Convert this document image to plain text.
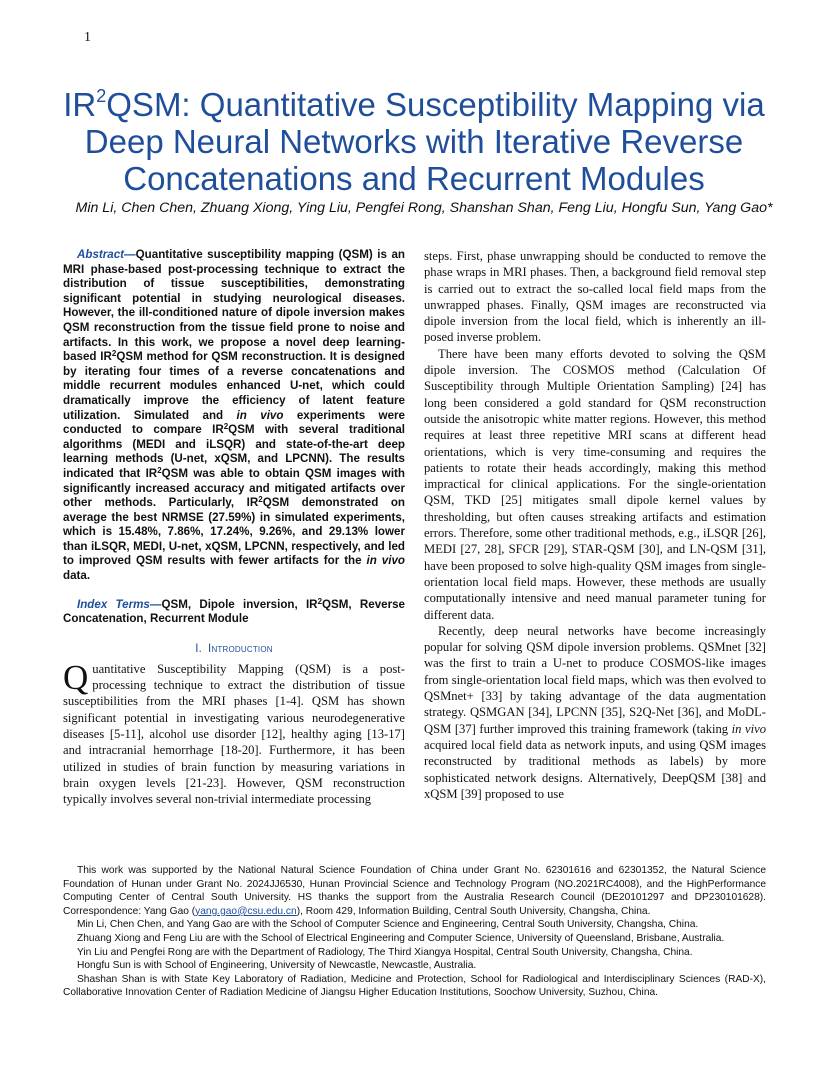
1
$IR^2QSM$: Quantitative Susceptibility Mapping via Deep Neural Networks with Iterative Reverse Concatenations and Recurrent Modules
Min Li, Chen Chen, Zhuang Xiong, Ying Liu, Pengfei Rong, Shanshan Shan, Feng Liu, Hongfu Sun, Yang Gao*

Abstract—Quantitative susceptibility mapping (QSM) is an MRI phase-based post-processing technique to extract the distribution of tissue susceptibilities, demonstrating significant potential in studying neurological diseases. However, the ill-conditioned nature of dipole inversion makes QSM reconstruction from the tissue field prone to noise and artifacts. In this work, we propose a novel deep learning-based $IR^2QSM$ method for QSM reconstruction. It is designed by iterating four times of a reverse concatenations and middle recurrent modules enhanced U-net, which could dramatically improve the efficiency of latent feature utilization. Simulated and in vivo experiments were conducted to compare $IR^2QSM$ with several traditional algorithms (MEDI and iLSQR) and state-of-the-art deep learning methods (U-net, xQSM, and LPCNN). The results indicated that $IR^2QSM$ was able to obtain QSM images with significantly increased accuracy and mitigated artifacts over other methods. Particularly, $IR^2QSM$ demonstrated on average the best NRMSE (27.59%) in simulated experiments, which is 15.48%, 7.86%, 17.24%, 9.26%, and 29.13% lower than iLSQR, MEDI, U-net, xQSM, LPCNN, respectively, and led to improved QSM results with fewer artifacts for the in vivo data.

Index Terms—QSM, Dipole inversion, $IR^2QSM$, Reverse Concatenation, Recurrent Module

I. Introduction

Quantitative Susceptibility Mapping (QSM) is a post-processing technique to extract the distribution of tissue susceptibilities from the MRI phases [1-4]. QSM has shown significant potential in investigating various neurodegenerative diseases [5-11], alcohol use disorder [12], healthy aging [13-17] and intracranial hemorrhage [18-20]. Furthermore, it has been utilized in studies of brain function by measuring variations in brain oxygen levels [21-23]. However, QSM reconstruction typically involves several non-trivial intermediate processing

steps. First, phase unwrapping should be conducted to remove the phase wraps in MRI phases. Then, a background field removal step is carried out to extract the so-called local field maps from the unwrapped phases. Finally, QSM images are reconstructed via dipole inversion from the local field, which is inherently an ill-posed inverse problem.

There have been many efforts devoted to solving the QSM dipole inversion. The COSMOS method (Calculation Of Susceptibility through Multiple Orientation Sampling) [24] has long been considered a gold standard for QSM reconstruction outside the anisotropic white matter regions. However, this method requires at least three repetitive MRI scans at different head orientations, which is very time-consuming and requires the patients to rotate their heads accordingly, making this method impractical for clinical applications. For the single-orientation QSM, TKD [25] mitigates small dipole kernel values by thresholding, but often causes streaking artifacts and estimation errors. Therefore, some other traditional methods, e.g., iLSQR [26], MEDI [27, 28], SFCR [29], STAR-QSM [30], and LN-QSM [31], have been proposed to solve high-quality QSM images from single-orientation local field maps. However, these methods are usually computationally intensive and need manual parameter tuning for different data.

Recently, deep neural networks have become increasingly popular for solving QSM dipole inversion problems. QSMnet [32] was the first to train a U-net to produce COSMOS-like images from single-orientation local field maps, which was then evolved to QSMnet+ [33] by taking advantage of the data augmentation strategy. QSMGAN [34], LPCNN [35], S2Q-Net [36], and MoDL-QSM [37] further improved this training framework (taking in vivo acquired local field data as network inputs, and using QSM images reconstructed by traditional methods as labels) by more sophisticated network designs. Alternatively, DeepQSM [38] and xQSM [39] proposed to use

This work was supported by the National Natural Science Foundation of China under Grant No. 62301616 and 62301352, the Natural Science Foundation of Hunan under Grant No. 2024JJ6530, Hunan Provincial Science and Technology Program (NO.2021RC4008), and the HighPerformance Computing Center of Central South University. HS thanks the support from the Australia Research Council (DE20101297 and DP230101628). Correspondence: Yang Gao (yang.gao@csu.edu.cn), Room 429, Information Building, Central South University, Changsha, China.

Min Li, Chen Chen, and Yang Gao are with the School of Computer Science and Engineering, Central South University, Changsha, China.

Zhuang Xiong and Feng Liu are with the School of Electrical Engineering and Computer Science, University of Queensland, Brisbane, Australia.

Yin Liu and Pengfei Rong are with the Department of Radiology, The Third Xiangya Hospital, Central South University, Changsha, China.

Hongfu Sun is with School of Engineering, University of Newcastle, Newcastle, Australia.

Shashan Shan is with State Key Laboratory of Radiation, Medicine and Protection, School for Radiological and Interdisciplinary Sciences (RAD-X), Collaborative Innovation Center of Radiation Medicine of Jiangsu Higher Education Institutions, Soochow University, Suzhou, China.
